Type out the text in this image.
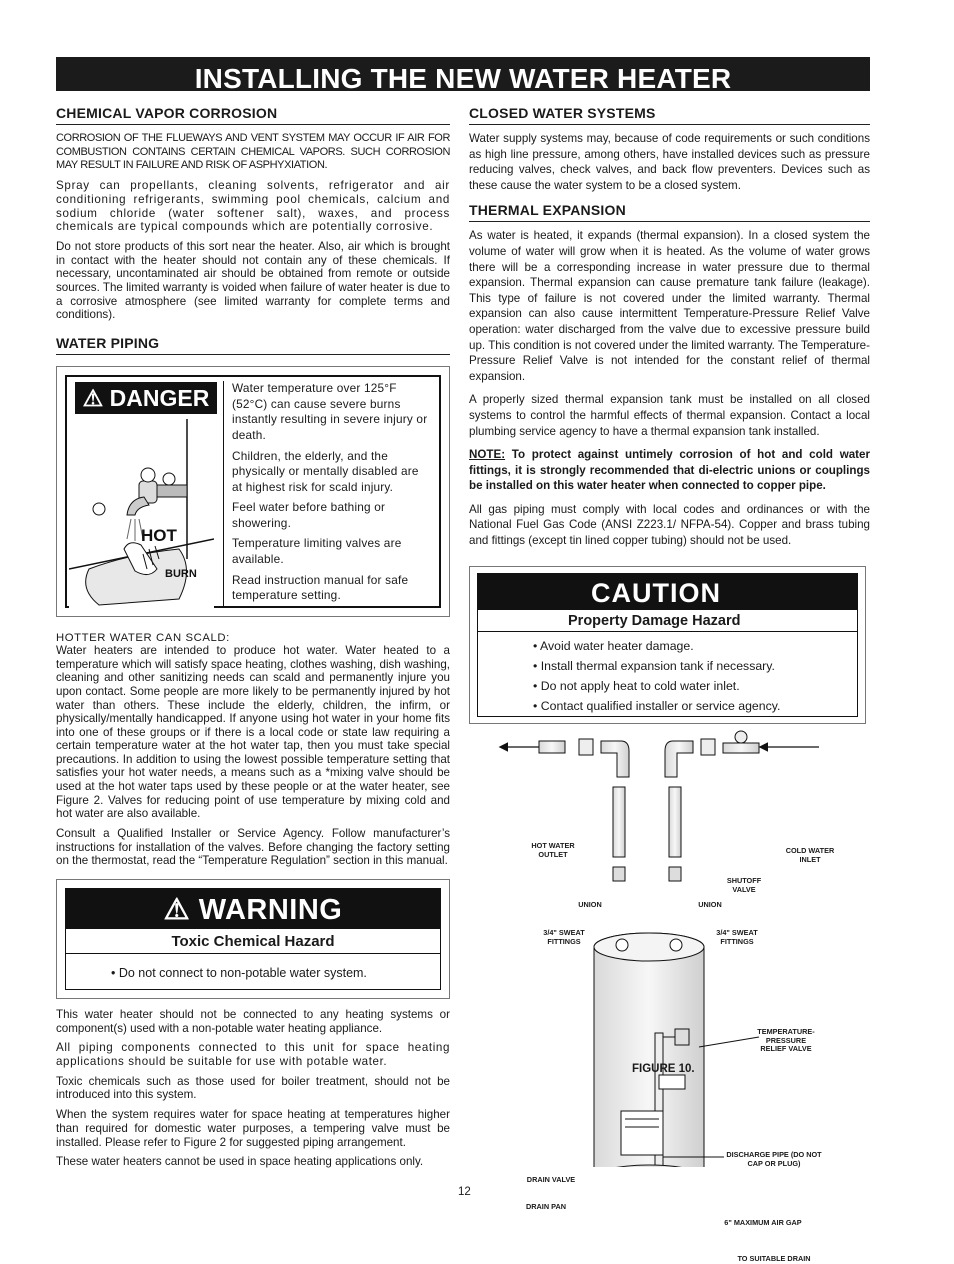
INSTALLING THE NEW WATER HEATER
CHEMICAL VAPOR CORROSION

CORROSION OF THE FLUEWAYS AND VENT SYSTEM MAY OCCUR IF AIR FOR COMBUSTION CONTAINS CERTAIN CHEMICAL VAPORS. SUCH CORROSION MAY RESULT IN FAILURE AND RISK OF ASPHYXIATION.

Spray can propellants, cleaning solvents, refrigerator and air conditioning refrigerants, swimming pool chemicals, calcium and sodium chloride (water softener salt), waxes, and process chemicals are typical compounds which are potentially corrosive.

Do not store products of this sort near the heater. Also, air which is brought in contact with the heater should not contain any of these chemicals. If necessary, uncontaminated air should be obtained from remote or outside sources. The limited warranty is voided when failure of water heater is due to a corrosive atmosphere (see limited warranty for complete terms and conditions).

WATER PIPING
⚠ DANGER
HOT
BURN
Water temperature over 125°F (52°C) can cause severe burns instantly resulting in severe injury or death.
Children, the elderly, and the physically or mentally disabled are at highest risk for scald injury.
Feel water before bathing or showering.
Temperature limiting valves are available.
Read instruction manual for safe temperature setting.

HOTTER WATER CAN SCALD:

Water heaters are intended to produce hot water. Water heated to a temperature which will satisfy space heating, clothes washing, dish washing, cleaning and other sanitizing needs can scald and permanently injure you upon contact. Some people are more likely to be permanently injured by hot water than others. These include the elderly, children, the infirm, or physically/mentally handicapped. If anyone using hot water in your home fits into one of these groups or if there is a local code or state law requiring a certain temperature water at the hot water tap, then you must take special precautions. In addition to using the lowest possible temperature setting that satisfies your hot water needs, a means such as a *mixing valve should be used at the hot water taps used by these people or at the water heater, see Figure 2. Valves for reducing point of use temperature by mixing cold and hot water are also available.

Consult a Qualified Installer or Service Agency. Follow manufacturer’s instructions for installation of the valves. Before changing the factory setting on the thermostat, read the “Temperature Regulation” section in this manual.

⚠ WARNING
Toxic Chemical Hazard
• Do not connect to non-potable water system.

This water heater should not be connected to any heating systems or component(s) used with a non-potable water heating appliance.

All piping components connected to this unit for space heating applications should be suitable for use with potable water.

Toxic chemicals such as those used for boiler treatment, should not be introduced into this system.

When the system requires water for space heating at temperatures higher than required for domestic water purposes, a tempering valve must be installed. Please refer to Figure 2 for suggested piping arrangement.

These water heaters cannot be used in space heating applications only.

CLOSED WATER SYSTEMS

Water supply systems may, because of code requirements or such conditions as high line pressure, among others, have installed devices such as pressure reducing valves, check valves, and back flow preventers. Devices such as these cause the water system to be a closed system.

THERMAL EXPANSION

As water is heated, it expands (thermal expansion). In a closed system the volume of water will grow when it is heated. As the volume of water grows there will be a corresponding increase in water pressure due to thermal expansion. Thermal expansion can cause premature tank failure (leakage). This type of failure is not covered under the limited warranty. Thermal expansion can also cause intermittent Temperature-Pressure Relief Valve operation: water discharged from the valve due to excessive pressure build up. This condition is not covered under the limited warranty. The Temperature-Pressure Relief Valve is not intended for the constant relief of thermal expansion.

A properly sized thermal expansion tank must be installed on all closed systems to control the harmful effects of thermal expansion. Contact a local plumbing service agency to have a thermal expansion tank installed.

NOTE: To protect against untimely corrosion of hot and cold water fittings, it is strongly recommended that di-electric unions or couplings be installed on this water heater when connected to copper pipe.

All gas piping must comply with local codes and ordinances or with the National Fuel Gas Code (ANSI Z223.1/ NFPA-54). Copper and brass tubing and fittings (except tin lined copper tubing) should not be used.

CAUTION
Property Damage Hazard
• Avoid water heater damage.
• Install thermal expansion tank if necessary.
• Do not apply heat to cold water inlet.
• Contact qualified installer or service agency.
HOT WATER OUTLET	COLD WATER INLET
SHUTOFF VALVE
UNION	UNION
3/4" SWEAT FITTINGS
3/4" SWEAT FITTINGS
TEMPERATURE-PRESSURE RELIEF VALVE
DISCHARGE PIPE (DO NOT CAP OR PLUG)
DRAIN VALVE
DRAIN PAN
6" MAXIMUM AIR GAP
TO SUITABLE DRAIN
FIGURE 10.
12
